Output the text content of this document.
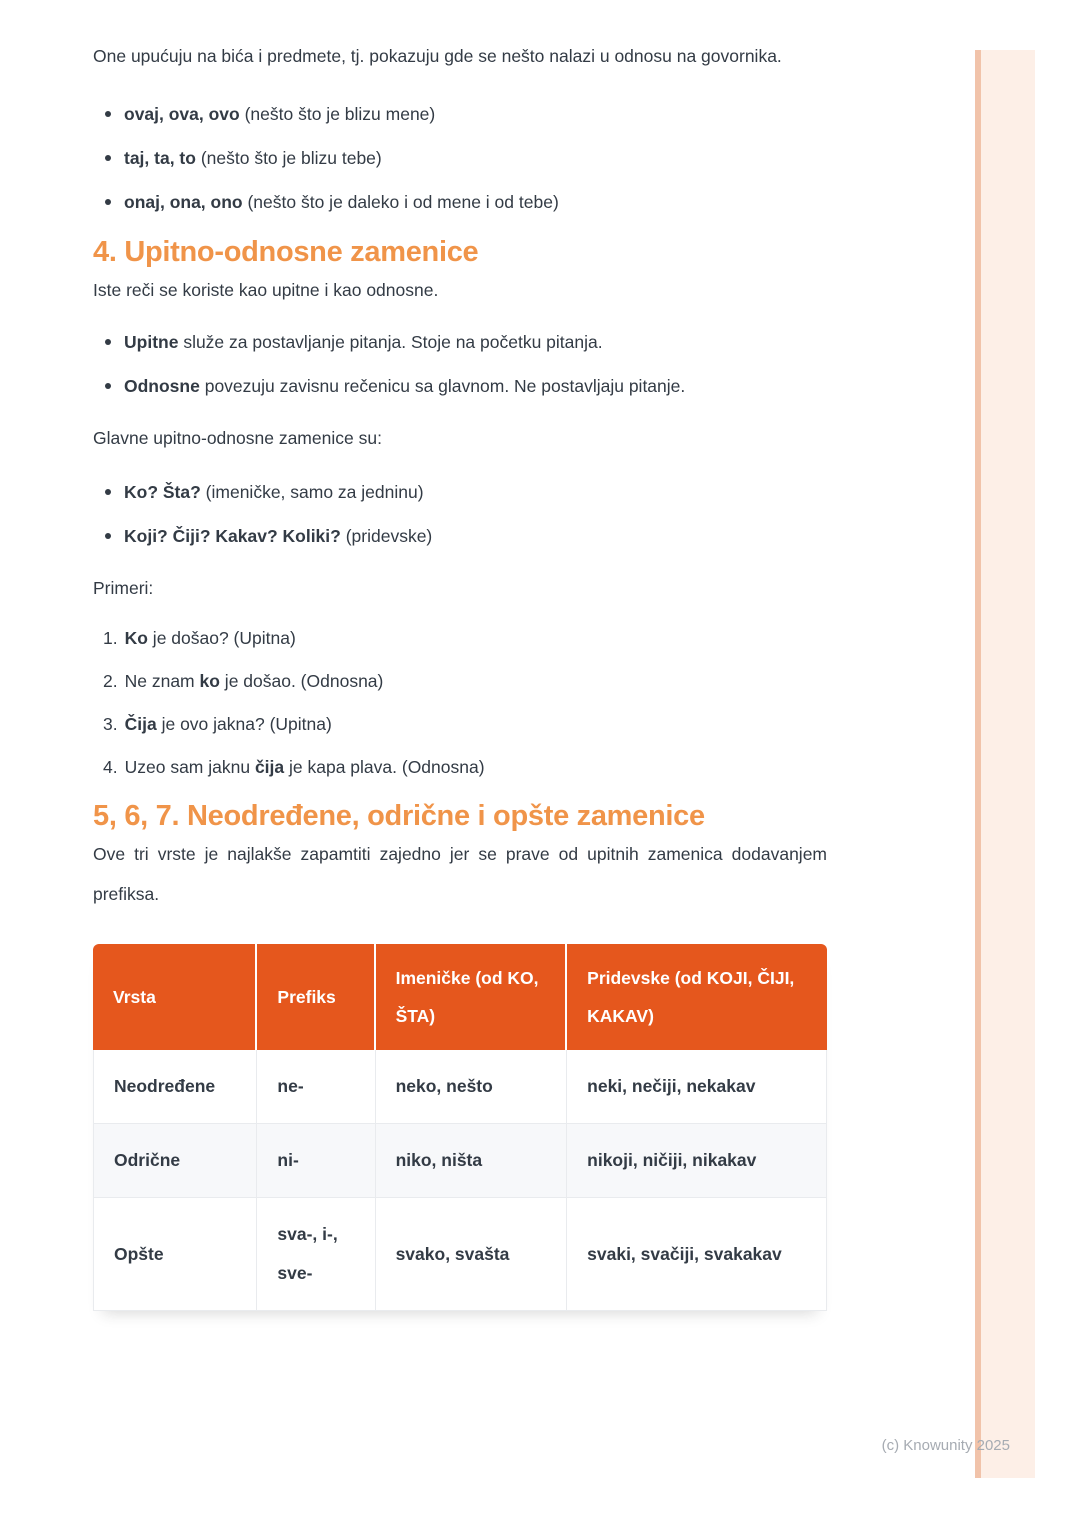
One upućuju na bića i predmete, tj. pokazuju gde se nešto nalazi u odnosu na govornika.

ovaj, ova, ovo (nešto što je blizu mene)
taj, ta, to (nešto što je blizu tebe)
onaj, ona, ono (nešto što je daleko i od mene i od tebe)
4. Upitno-odnosne zamenice

Iste reči se koriste kao upitne i kao odnosne.

Upitne služe za postavljanje pitanja. Stoje na početku pitanja.
Odnosne povezuju zavisnu rečenicu sa glavnom. Ne postavljaju pitanje.

Glavne upitno-odnosne zamenice su:

Ko? Šta? (imeničke, samo za jedninu)
Koji? Čiji? Kakav? Koliki? (pridevske)

Primeri:

1. Ko je došao? (Upitna)
2. Ne znam ko je došao. (Odnosna)
3. Čija je ovo jakna? (Upitna)
4. Uzeo sam jaknu čija je kapa plava. (Odnosna)
5, 6, 7. Neodređene, odrične i opšte zamenice

Ove tri vrste je najlakše zapamtiti zajedno jer se prave od upitnih zamenica dodavanjem prefiksa.

Vrsta	Prefiks	Imeničke (od KO, ŠTA)	Pridevske (od KOJI, ČIJI, KAKAV)
Neodređene	ne-	neko, nešto	neki, nečiji, nekakav
Odrične	ni-	niko, ništa	nikoji, ničiji, nikakav
Opšte	sva-, i-, sve-	svako, svašta	svaki, svačiji, svakakav
(c) Knowunity 2025
